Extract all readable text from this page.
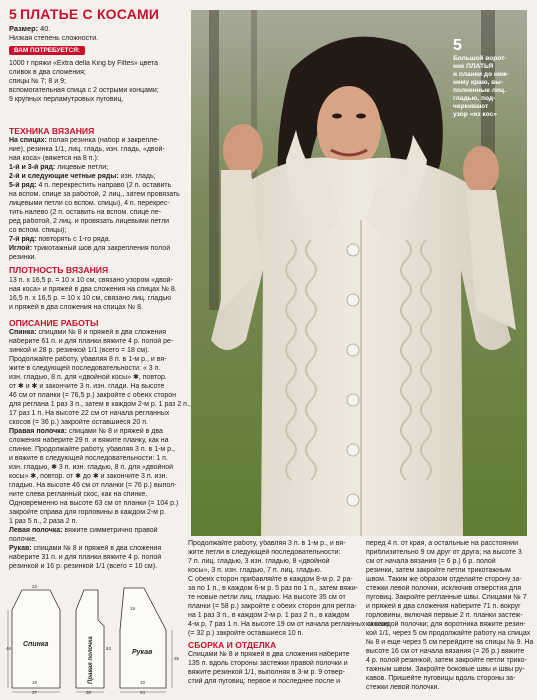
5 ПЛАТЬЕ С КОСАМИ
Размер: 40.
Низкая степень сложности.
ВАМ ПОТРЕБУЕТСЯ:
1000 г пряжи «Extra della King by Filtes» цвета
сливок в два сложения;
спицы № 7; 8 и 9;
вспомогательная спица с 2 острыми концами;
9 крупных перламутровых пуговиц.
ТЕХНИКА ВЯЗАНИЯ
На спицах: полая резинка (набор и закрепле-
ние), резинка 1/1, лиц. гладь, изн. гладь, «двой-
ная коса» (вяжется на 8 п.):
1-й и 3-й ряд: лицевые петли;
2-й и следующие четные ряды: изн. гладь;
5-й ряд: 4 п. перекрестить направо (2 п. оставить
на вспом. спице за работой, 2 лиц., затем провязать
лицевыми петли со вспом. спицы), 4 п. перекрес-
тить налево (2 п. оставить на вспом. спице пе-
ред работой, 2 лиц. и провязать лицевыми петли
со вспом. спицы);
7-й ряд: повторять с 1-го ряда.
Иглой: трикотажный шов для закрепления полой
резинки.
ПЛОТНОСТЬ ВЯЗАНИЯ
13 п. х 16,5 р. = 10 х 10 см, связано узором «двой-
ная коса» и пряжей в два сложения на спицах № 8.
16,5 п. х 16,5 р. = 10 х 10 см, связано лиц. гладью
и пряжей в два сложения на спицах № 8.
ОПИСАНИЕ РАБОТЫ
Спинка: спицами № 8 и пряжей в два сложения
наберите 61 п. и для планки вяжите 4 р. полой ре-
зинкой и 28 р. резинкой 1/1 (всего = 18 см).
Продолжайте работу, убавляя 8 п. в 1-м р., и вя-
жите в следующей последовательности: « 3 п.
изн. гладью, 8 п. для «двойной косы» ✱, повтор.
от ✱ и ✱ и закончите 3 п. изн. глади. На высоте
46 см от планки (= 76,5 р.) закройте с обеих сторон
для реглана 1 раз 3 п., затем в каждом 2-м р. 1 раз 2 п.,
17 раз 1 п. На высоте 22 см от начала регланных
скосов (= 36 р.) закройте оставшиеся 20 п.
Правая полочка: спицами № 8 и пряжей в два
сложения наберите 29 п. и вяжите планку, как на
спинке. Продолжайте работу, убавляя 3 п. в 1-м р.,
и вяжите в следующей последовательности: 1 п.
изн. гладью, ✱ 3 п. изн. гладью, 8 п. для «двойной
косы» ✱, повтор. от ✱ до ✱ и закончите 3 п. изн.
гладью. На высоте 46 см от планки (= 76 р.) выпол-
ните слева регланный скос, как на спинке.
Одновременно на высоте 63 см от планки (= 104 р.)
закройте справа для горловины в каждом 2-м р.
1 раз 5 п., 2 раза 2 п.
Левая полочка: вяжите симметрично правой
полочке.
Рукав: спицами № 8 и пряжей в два сложения
наберите 31 п. и для планки вяжите 4 р. полой
резинкой и 16 р. резинкой 1/1 (всего = 10 см).
5
Большой ворот-
ник ПЛАТЬЯ
и планки до ниж-
нему краю, вы-
полненные лиц.
гладью, под-
черкивают
узор «из кос»
Продолжайте работу, убавляя 3 п. в 1-м р., и вя-
жите петли в следующей последовательности:
7 п. лиц. гладью, 3 изн. гладью, 8 «двойной
косы», 3 п. изн. гладью, 7 п. лиц. гладью.
С обеих сторон прибавляйте в каждом 8-м р. 2 ра-
за по 1 п., в каждом 6-м р. 5 раз по 1 п., затем вяжи-
те новые петли лиц. гладью. На высоте 35 см от
планки (= 58 р.) закройте с обеих сторон для регла-
на 1 раз 3 п., в каждом 2-м р. 1 раз 2 п., в каждом
4-м р. 7 раз 1 п. На высоте 19 см от начала регланных скосов
(= 32 р.) закройте оставшиеся 10 п.
СБОРКА И ОТДЕЛКА
Спицами № 8 и пряжей в два сложения наберите
135 п. вдоль стороны застежки правой полочки и
вяжите резинкой 1/1, выполняя в 3-м р. 9 отвер-
стий для пуговиц: первое и последнее после и
перед 4 п. от края, а остальные на расстоянии
приблизительно 9 см друг от друга; на высоте 3
см от начала вязания (= 6 р.) 6 р. полой
резинки, затем закройте петли трикотажным
швом. Таким же образом отделайте сторону за-
стежки левой полочки, исключив отверстия для
пуговиц. Закройте регланные швы. Спицами № 7
и пряжей в два сложения наберите 71 п. вокруг
горловины, включая первые 2 п. планки застеж-
ки каждой полочки; для воротника вяжите резин-
кой 1/1, через 5 см продолжайте работу на спицах
№ 8 и еще через 5 см перейдите на спицы № 9. На
высоте 16 см от начала вязания (= 26 р.) вяжите
4 р. полой резинкой, затем закройте петли трико-
тажным швом. Закройте боковые швы и швы ру-
кавов. Пришейте пуговицы вдоль стороны за-
стежки левой полочки.
Спинка	Правая полочка	Рукав
22
46
18
37
19
35
10
24
38
63
